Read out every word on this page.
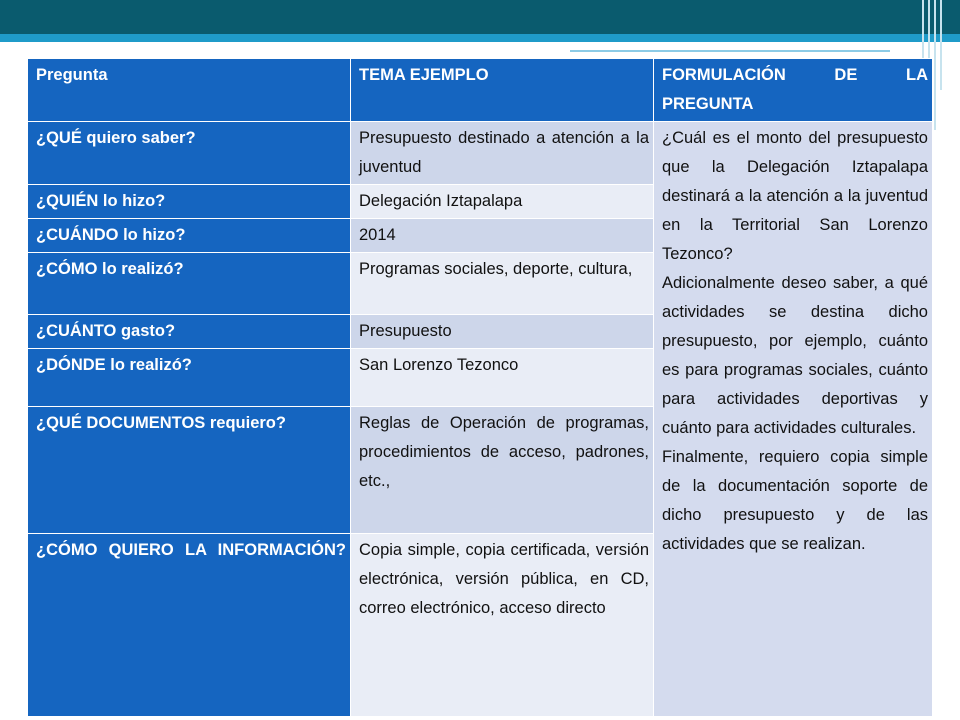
Pregunta	TEMA EJEMPLO	FORMULACIÓN DE LA PREGUNTA
¿QUÉ quiero saber?	Presupuesto destinado a atención a la juventud	¿Cuál es el monto del presupuesto que la Delegación Iztapalapa destinará a la atención a la juventud en la Territorial San Lorenzo Tezonco?
Adicionalmente deseo saber, a qué actividades se destina dicho presupuesto, por ejemplo, cuánto es para programas sociales, cuánto para actividades deportivas y cuánto para actividades culturales.
Finalmente, requiero copia simple de la documentación soporte de dicho presupuesto y de las actividades que se realizan.

¿QUIÉN lo hizo?	Delegación Iztapalapa	
¿CUÁNDO lo hizo?	2014	
¿CÓMO lo realizó?	Programas sociales, deporte, cultura,	
¿CUÁNTO gasto?	Presupuesto	
¿DÓNDE lo realizó?	San Lorenzo Tezonco	
¿QUÉ DOCUMENTOS requiero?	Reglas de Operación de programas, procedimientos de acceso, padrones, etc.,	
¿CÓMO QUIERO LA INFORMACIÓN?	Copia simple, copia certificada, versión electrónica, versión pública, en CD, correo electrónico, acceso directo	
